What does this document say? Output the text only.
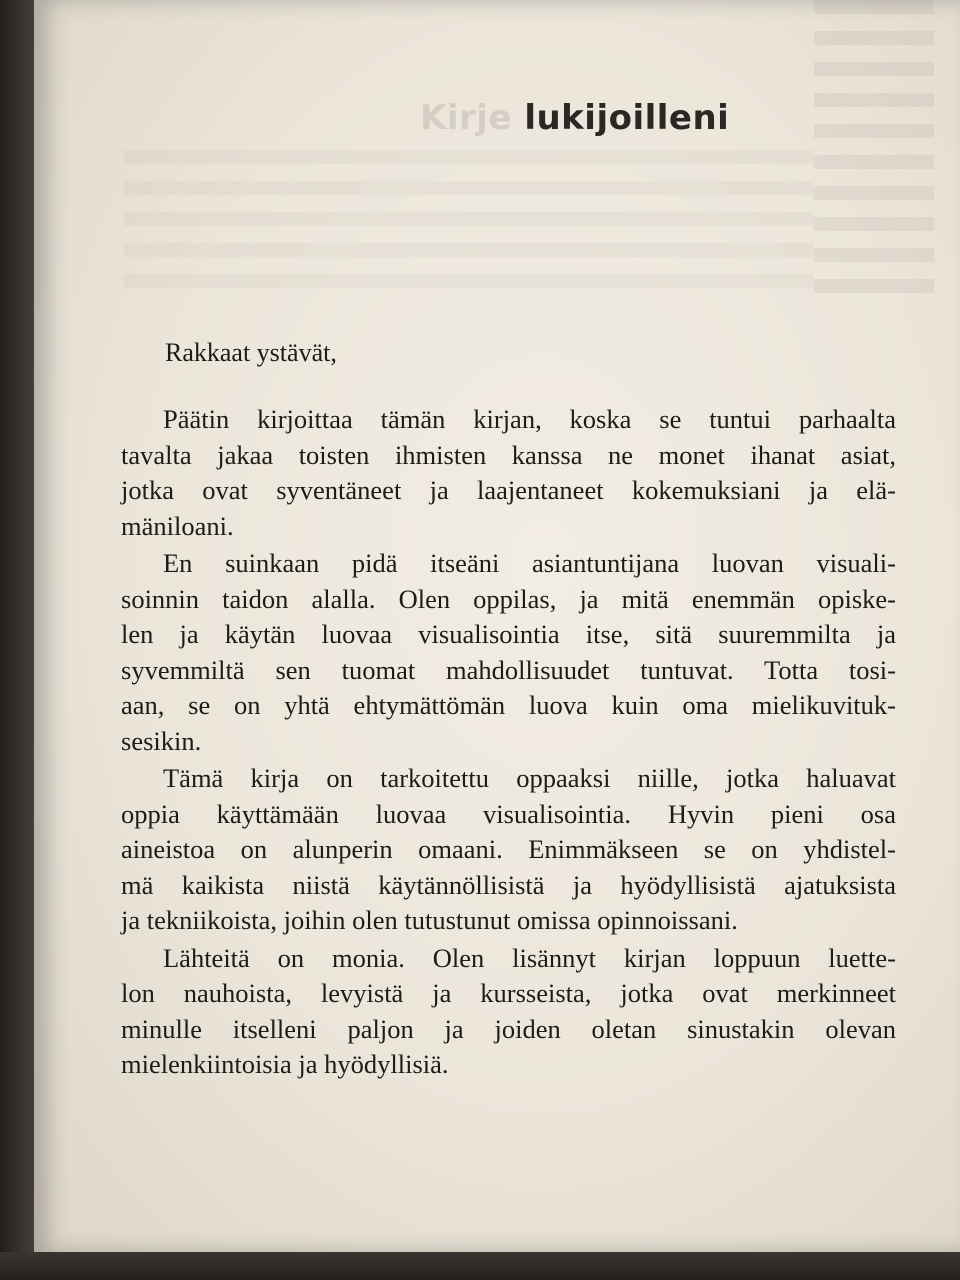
Kirje lukijoilleni
Rakkaat ystävät,
Päätin kirjoittaa tämän kirjan, koska se tuntui parhaalta
tavalta jakaa toisten ihmisten kanssa ne monet ihanat asiat,
jotka ovat syventäneet ja laajentaneet kokemuksiani ja elä-
mäniloani.
En suinkaan pidä itseäni asiantuntijana luovan visuali-
soinnin taidon alalla. Olen oppilas, ja mitä enemmän opiske-
len ja käytän luovaa visualisointia itse, sitä suuremmilta ja
syvemmiltä sen tuomat mahdollisuudet tuntuvat. Totta tosi-
aan, se on yhtä ehtymättömän luova kuin oma mielikuvituk-
sesikin.
Tämä kirja on tarkoitettu oppaaksi niille, jotka haluavat
oppia käyttämään luovaa visualisointia. Hyvin pieni osa
aineistoa on alunperin omaani. Enimmäkseen se on yhdistel-
mä kaikista niistä käytännöllisistä ja hyödyllisistä ajatuksista
ja tekniikoista, joihin olen tutustunut omissa opinnoissani.
Lähteitä on monia. Olen lisännyt kirjan loppuun luette-
lon nauhoista, levyistä ja kursseista, jotka ovat merkinneet
minulle itselleni paljon ja joiden oletan sinustakin olevan
mielenkiintoisia ja hyödyllisiä.
